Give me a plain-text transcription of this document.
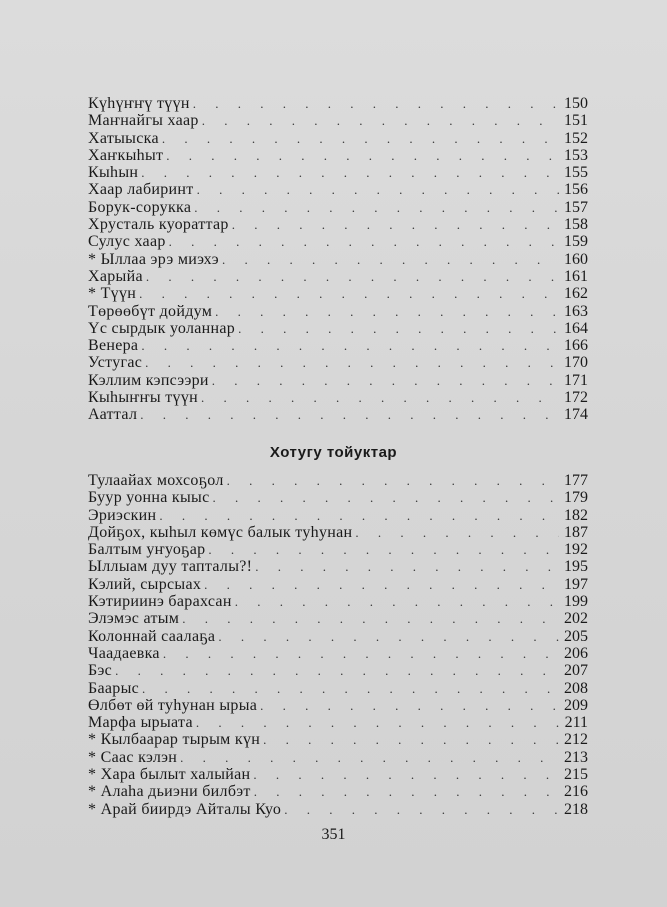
Күһүҥҥү түүн . . .	150
Маҥнайгы хаар . . .	151
Хатыыска . . .	152
Хаҥкыһыт . . .	153
Кыһын . . .	155
Хаар лабиринт . . .	156
Борук-сорукка . . .	157
Хрусталь куораттар . . .	158
Сулус хаар . . .	159
* Ыллаа эрэ миэхэ . . .	160
Харыйа . . .	161
* Түүн . . .	162
Төрөөбүт дойдум . . .	163
Үс сырдык уоланнар . . .	164
Венера . . .	166
Устугас . . .	170
Кэллим кэпсээри . . .	171
Кыһыҥҥы түүн . . .	172
Ааттал . . .	174
Хотугу тойуктар
Тулаайах мохсоҕол . . .	177
Буур уонна кыыс . . .	179
Эриэскин . . .	182
Дойҕох, кыһыл көмүс балык туһунан . . .	187
Балтым уҥуоҕар . . .	192
Ыллыам дуу тапталы?! . . .	195
Кэлий, сырсыах . . .	197
Кэтириинэ барахсан . . .	199
Элэмэс атым . . .	202
Колоннай саалаҕа . . .	205
Чаадаевка . . .	206
Бэс . . .	207
Баарыс . . .	208
Өлбөт өй туһунан ырыа . . .	209
Марфа ырыата . . .	211
* Кылбаарар тырым күн . . .	212
* Саас кэлэн . . .	213
* Хара былыт халыйан . . .	215
* Алаһа дьиэни билбэт . . .	216
* Арай биирдэ Айталы Куо . . .	218
351
